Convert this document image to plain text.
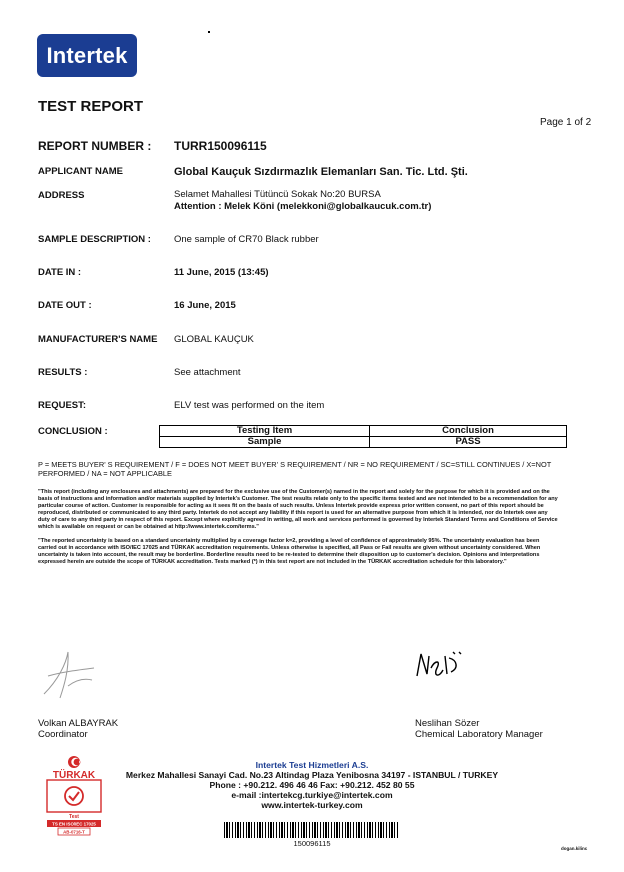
Intertek
TEST REPORT
Page 1 of 2
REPORT NUMBER : TURR150096115
APPLICANT NAME	Global Kauçuk Sızdırmazlık Elemanları San. Tic. Ltd. Şti.
ADDRESS	Selamet Mahallesi Tütüncü Sokak No:20 BURSA
Attention : Melek Köni (melekkoni@globalkaucuk.com.tr)
SAMPLE DESCRIPTION : One sample of CR70 Black rubber
DATE IN :	11 June, 2015 (13:45)
DATE OUT :	16 June, 2015
MANUFACTURER'S NAME GLOBAL KAUÇUK
RESULTS :	See attachment
REQUEST:	ELV test was performed on the item
CONCLUSION :	Testing Item	Conclusion
Sample	PASS
P = MEETS BUYER' S REQUIREMENT / F = DOES NOT MEET BUYER' S REQUIREMENT / NR = NO REQUIREMENT / SC=STILL CONTINUES / X=NOT PERFORMED / NA = NOT APPLICABLE
"This report (including any enclosures and attachments) are prepared for the exclusive use of the Customer(s) named in the report and solely for the purpose for which it is provided and on the basis of instructions and information and/or materials supplied by Intertek's Customer. The test results relate only to the specific items tested and are not intended to be a recommendation for any particular course of action. Customer is responsible for acting as it sees fit on the basis of such results. Unless Intertek provide express prior written consent, no part of this report should be reproduced, distributed or communicated to any third party. Intertek do not accept any liability if this report is used for an alternative purpose from which it is intended, nor do Intertek owe any duty of care to any third party in respect of this report. Except where explicitly agreed in writing, all work and services performed is governed by Intertek Standard Terms and Conditions of Service which is available on request or can be obtained at http://www.intertek.com/terms."
"The reported uncertainty is based on a standard uncertainty multiplied by a coverage factor k=2, providing a level of confidence of approximately 95%. The uncertainty evaluation has been carried out in accordance with ISO/IEC 17025 and TÜRKAK accreditation requirements. Unless otherwise is specified, all Pass or Fail results are given without uncertainty considered. When uncertainty is taken into account, the result may be borderline. Borderline results need to be re-tested to determine their disposition up to customer's decision. Opinions and interpretations expressed herein are outside the scope of TÜRKAK accreditation. Tests marked (*) in this test report are not included in the TÜRKAK accreditation schedule for this laboratory."
Volkan ALBAYRAK
Coordinator
Neslihan Sözer
Chemical Laboratory Manager
TÜRKAK
Test
TS EN ISO/IEC 17025
AB-0716-T
Intertek Test Hizmetleri A.S.
Merkez Mahallesi Sanayi Cad. No.23 Altindag Plaza Yenibosna 34197 - ISTANBUL / TURKEY
Phone : +90.212. 496 46 46 Fax: +90.212. 452 80 55
e-mail :intertekcg.turkiye@intertek.com
www.intertek-turkey.com
150096115
dogan.kilinc
